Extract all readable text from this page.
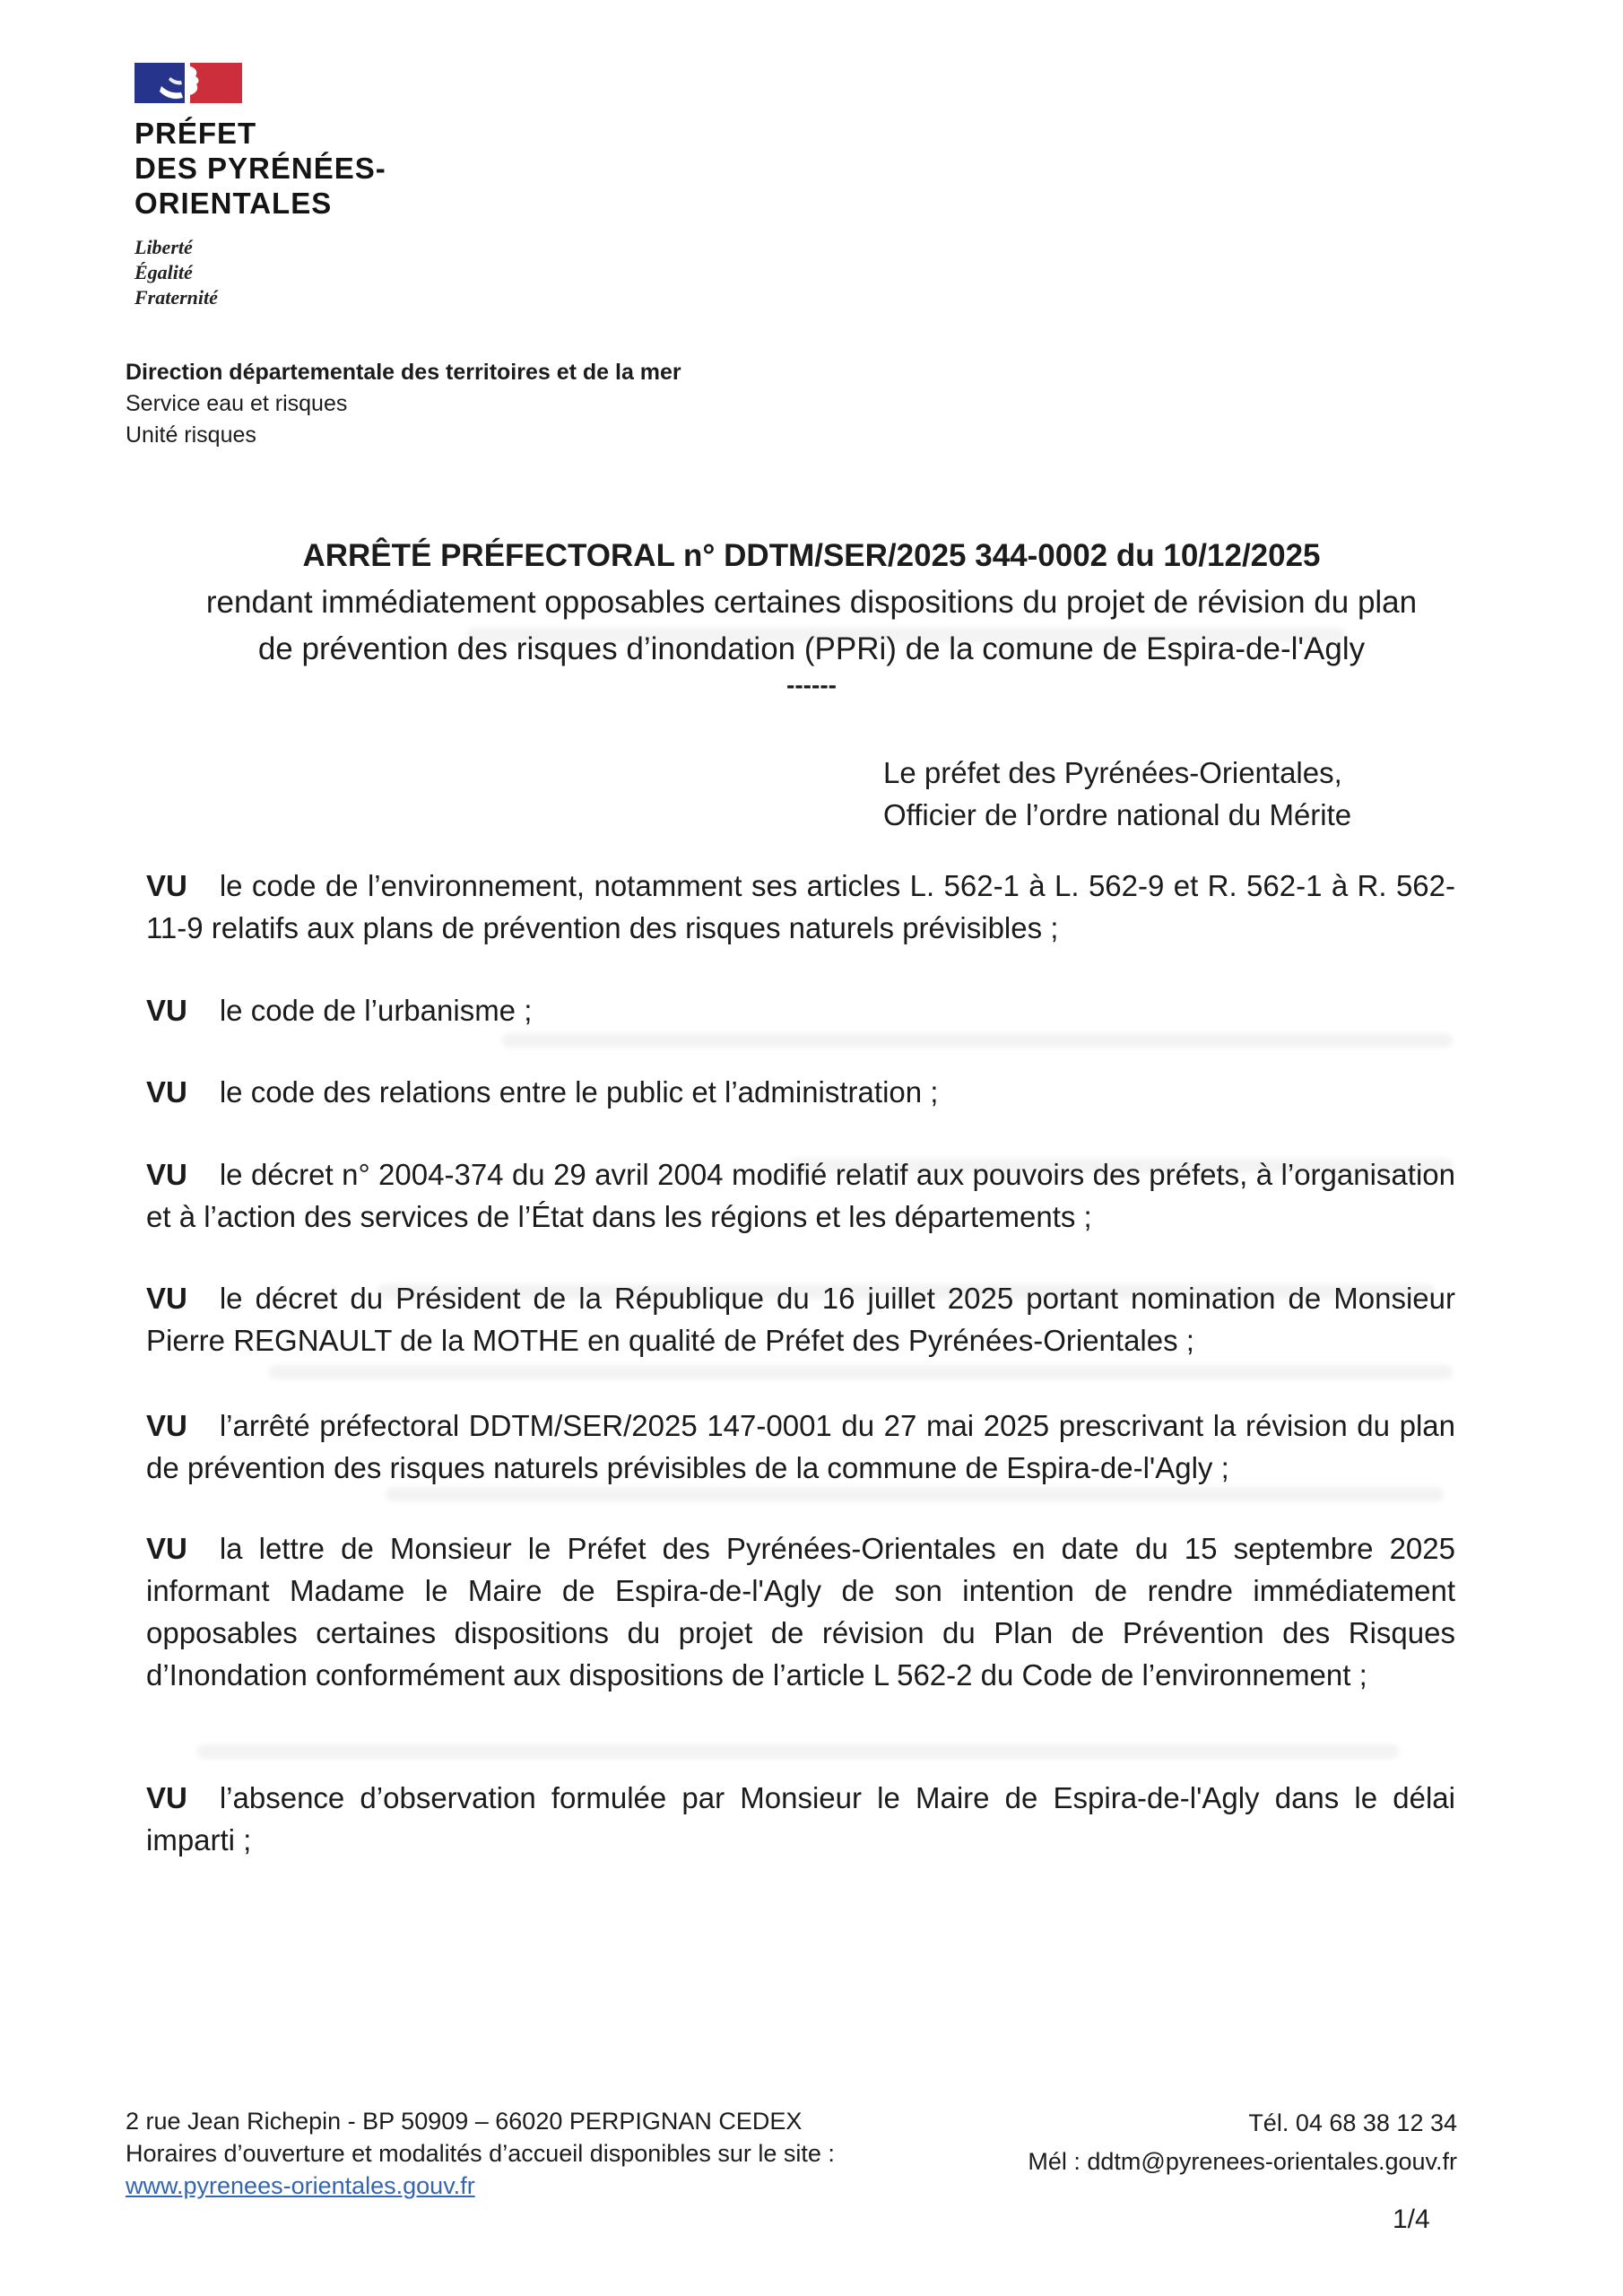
PRÉFET
DES PYRÉNÉES-
ORIENTALES
Liberté
Égalité
Fraternité
Direction départementale des territoires et de la mer
Service eau et risques
Unité risques
ARRÊTÉ PRÉFECTORAL n° DDTM/SER/2025 344-0002 du 10/12/2025
rendant immédiatement opposables certaines dispositions du projet de révision du plan
de prévention des risques d’inondation (PPRi) de la comune de Espira-de-l'Agly
------
Le préfet des Pyrénées-Orientales,
Officier de l’ordre national du Mérite

VU le code de l’environnement, notamment ses articles L. 562-1 à L. 562-9 et R. 562-1 à R. 562-11-9 relatifs aux plans de prévention des risques naturels prévisibles ;

VU le code de l’urbanisme ;

VU le code des relations entre le public et l’administration ;

VU le décret n° 2004-374 du 29 avril 2004 modifié relatif aux pouvoirs des préfets, à l’organisation et à l’action des services de l’État dans les régions et les départements ;

VU le décret du Président de la République du 16 juillet 2025 portant nomination de Monsieur Pierre REGNAULT de la MOTHE en qualité de Préfet des Pyrénées-Orientales ;

VU l’arrêté préfectoral DDTM/SER/2025 147-0001 du 27 mai 2025 prescrivant la révision du plan de prévention des risques naturels prévisibles de la commune de Espira-de-l'Agly ;

VU la lettre de Monsieur le Préfet des Pyrénées-Orientales en date du 15 septembre 2025 informant Madame le Maire de Espira-de-l'Agly de son intention de rendre immédiatement opposables certaines dispositions du projet de révision du Plan de Prévention des Risques d’Inondation conformément aux dispositions de l’article L 562-2 du Code de l’environnement ;

VU l’absence d’observation formulée par Monsieur le Maire de Espira-de-l'Agly dans le délai imparti ;

2 rue Jean Richepin - BP 50909 – 66020 PERPIGNAN CEDEX
Horaires d’ouverture et modalités d’accueil disponibles sur le site :
www.pyrenees-orientales.gouv.fr
Tél. 04 68 38 12 34
Mél : ddtm@pyrenees-orientales.gouv.fr
1/4
